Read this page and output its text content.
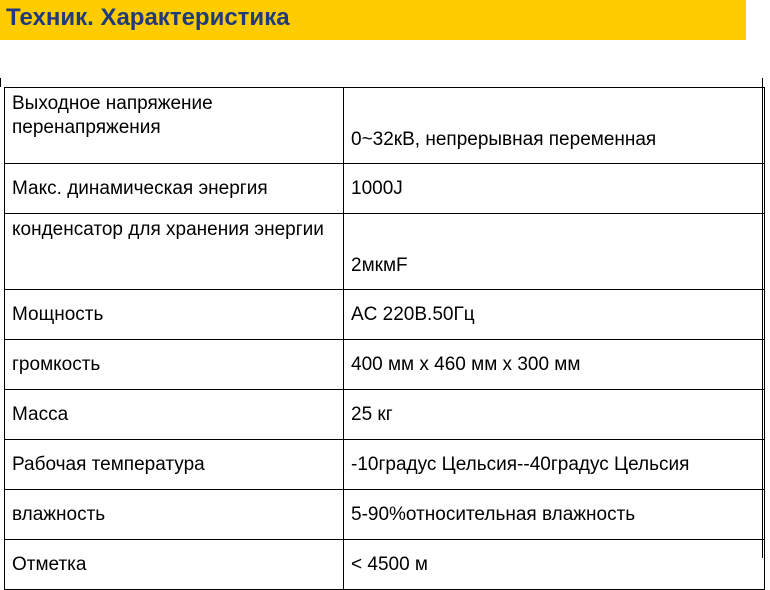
Техник. Характеристика
Выходное напряжение перенапряжения	0~32кВ, непрерывная переменная
Макс. динамическая энергия	1000J
конденсатор для хранения энергии	2мкмF
Мощность	AC 220В.50Гц
громкость	400 мм x 460 мм x 300 мм
Масса	25 кг
Рабочая температура	-10градус Цельсия--40градус Цельсия
влажность	5-90%относительная влажность
Отметка	< 4500 м
